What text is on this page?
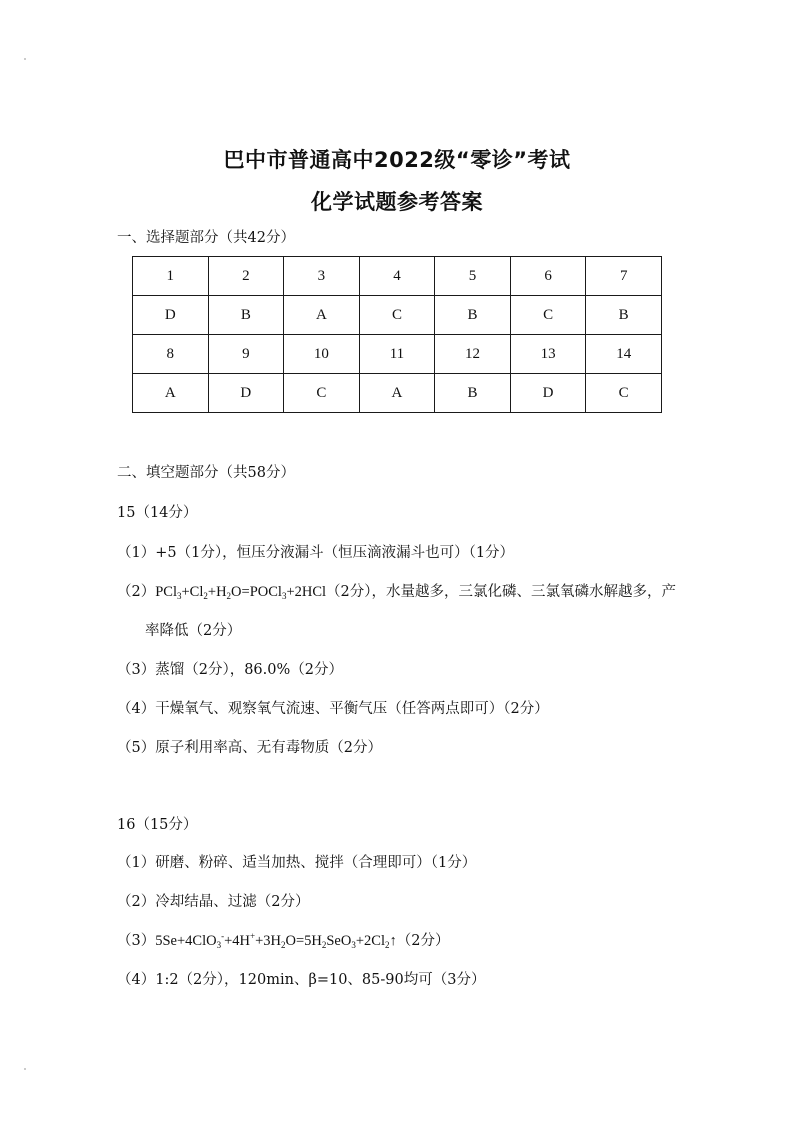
巴中市普通高中2022级“零诊”考试
化学试题参考答案
一、选择题部分（共42分）
1	2	3	4	5	6	7
D	B	A	C	B	C	B
8	9	10	11	12	13	14
A	D	C	A	B	D	C
二、填空题部分（共58分）
15（14分）
（1）+5（1分），恒压分液漏斗（恒压滴液漏斗也可）（1分）
$(2)PCl_3+Cl_2+H_2O=POCl_3+2HCl(2$分），水量越多，三氯化磷、三氯氧磷水解越多，产
率降低（2分）
（3）蒸馏（2分），86.0%（2分）
（4）干燥氧气、观察氧气流速、平衡气压（任答两点即可）（2分）
（5）原子利用率高、无有毒物质（2分）
16（15分）
（1）研磨、粉碎、适当加热、搅拌（合理即可）（1分）
（2）冷却结晶、过滤（2分）
$(3)5Se+4ClO_3^-+4H^++3H_2O=5H_2SeO_3+2Cl_2↑(2$分）
（4）1:2（2分），120min、β=10、85-90均可（3分）
